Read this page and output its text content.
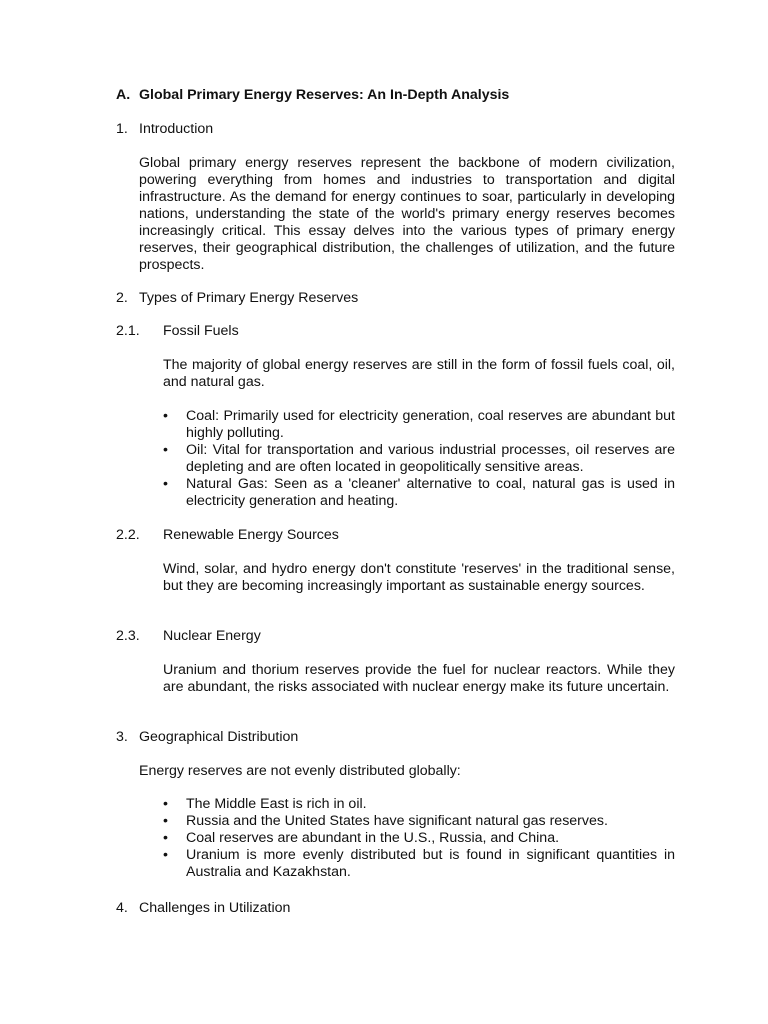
A. Global Primary Energy Reserves: An In-Depth Analysis
1. Introduction

Global primary energy reserves represent the backbone of modern civilization, powering everything from homes and industries to transportation and digital infrastructure. As the demand for energy continues to soar, particularly in developing nations, understanding the state of the world's primary energy reserves becomes increasingly critical. This essay delves into the various types of primary energy reserves, their geographical distribution, the challenges of utilization, and the future prospects.

2. Types of Primary Energy Reserves
2.1. Fossil Fuels

The majority of global energy reserves are still in the form of fossil fuels coal, oil, and natural gas.

•	Coal: Primarily used for electricity generation, coal reserves are abundant but highly polluting.
•	Oil: Vital for transportation and various industrial processes, oil reserves are depleting and are often located in geopolitically sensitive areas.
•	Natural Gas: Seen as a 'cleaner' alternative to coal, natural gas is used in electricity generation and heating.
2.2. Renewable Energy Sources

Wind, solar, and hydro energy don't constitute 'reserves' in the traditional sense, but they are becoming increasingly important as sustainable energy sources.

2.3. Nuclear Energy

Uranium and thorium reserves provide the fuel for nuclear reactors. While they are abundant, the risks associated with nuclear energy make its future uncertain.

3. Geographical Distribution

Energy reserves are not evenly distributed globally:

•	The Middle East is rich in oil.
•	Russia and the United States have significant natural gas reserves.
•	Coal reserves are abundant in the U.S., Russia, and China.
•	Uranium is more evenly distributed but is found in significant quantities in Australia and Kazakhstan.
4. Challenges in Utilization
